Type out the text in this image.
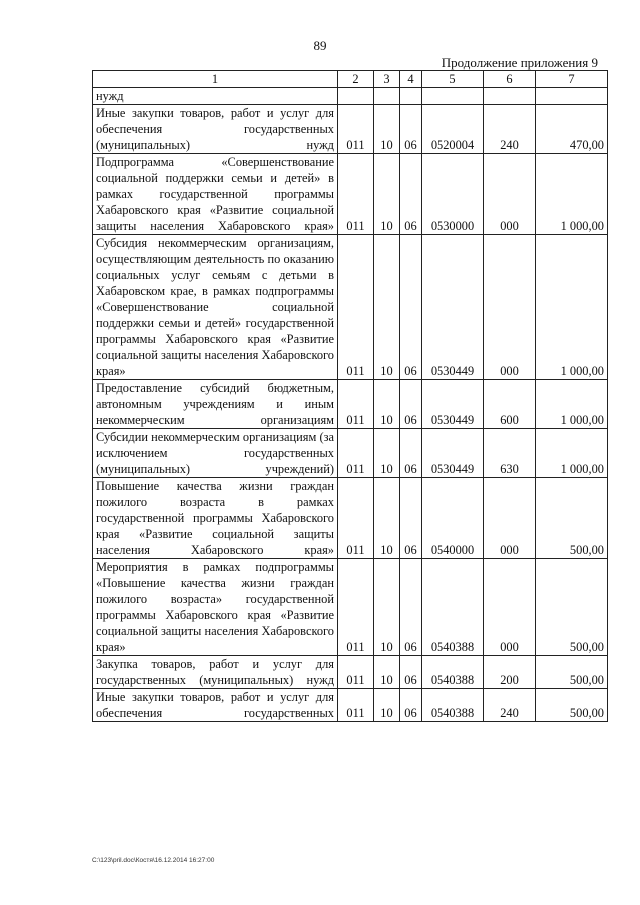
89
Продолжение приложения 9
1	2	3	4	5	6	7
нужд						
Иные закупки товаров, работ и услуг для обеспечения государственных (муниципальных) нужд	011	10	06	0520004	240	470,00
Подпрограмма «Совершенствование социальной поддержки семьи и детей» в рамках государственной программы Хабаровского края «Развитие социальной защиты населения Хабаровского края»	011	10	06	0530000	000	1 000,00
Субсидия некоммерческим организациям, осуществляющим деятельность по оказанию социальных услуг семьям с детьми в Хабаровском крае, в рамках подпрограммы «Совершенствование социальной поддержки семьи и детей» государственной программы Хабаровского края «Развитие социальной защиты населения Хабаровского края»	011	10	06	0530449	000	1 000,00
Предоставление субсидий бюджетным, автономным учреждениям и иным некоммерческим организациям	011	10	06	0530449	600	1 000,00
Субсидии некоммерческим организациям (за исключением государственных (муниципальных) учреждений)	011	10	06	0530449	630	1 000,00
Повышение качества жизни граждан пожилого возраста в рамках государственной программы Хабаровского края «Развитие социальной защиты населения Хабаровского края»	011	10	06	0540000	000	500,00
Мероприятия в рамках подпрограммы «Повышение качества жизни граждан пожилого возраста» государственной программы Хабаровского края «Развитие социальной защиты населения Хабаровского края»	011	10	06	0540388	000	500,00
Закупка товаров, работ и услуг для государственных (муниципальных) нужд	011	10	06	0540388	200	500,00
Иные закупки товаров, работ и услуг для обеспечения государственных	011	10	06	0540388	240	500,00
C:\123\pril.doc\Костя\16.12.2014 16:27:00
